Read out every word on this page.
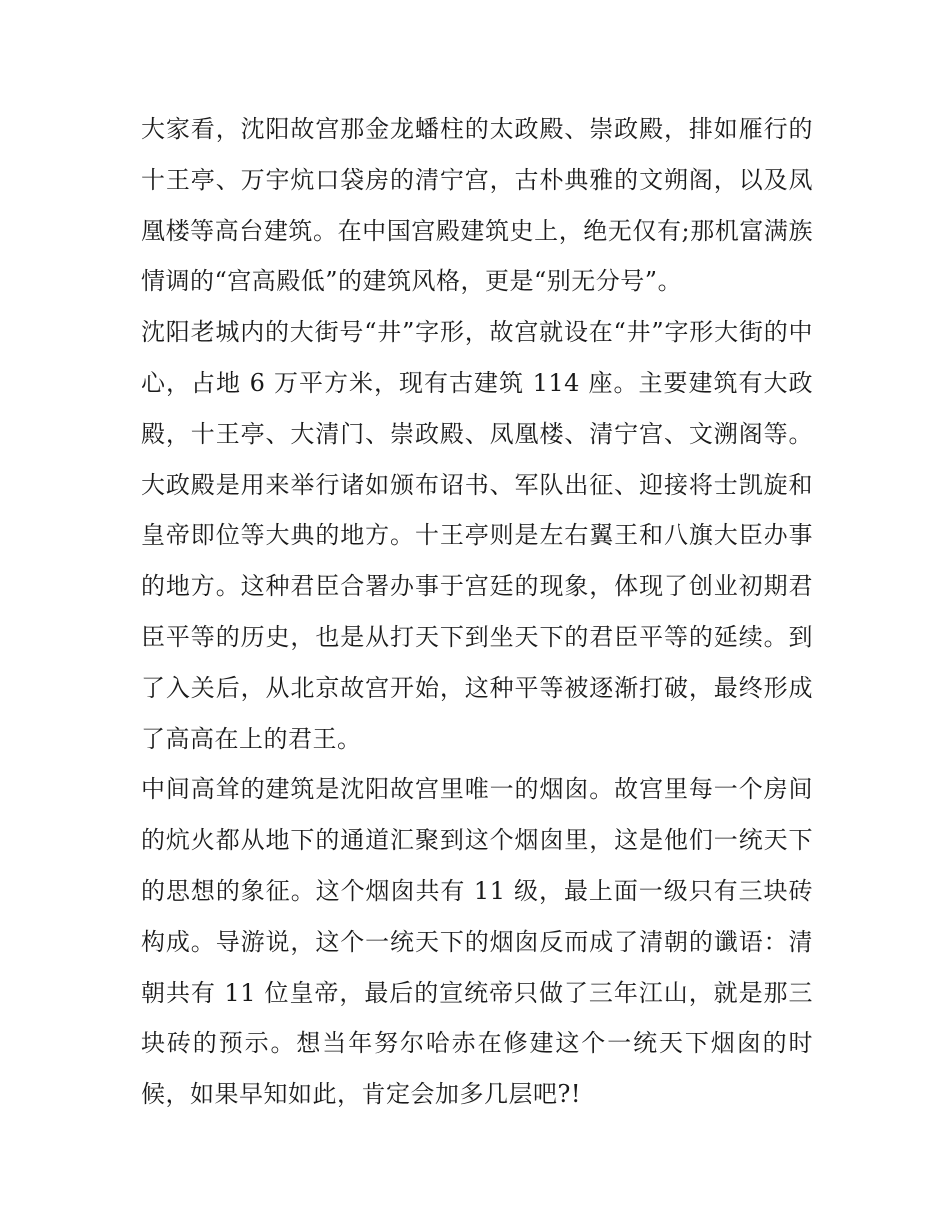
大家看，沈阳故宫那金龙蟠柱的太政殿、崇政殿，排如雁行的十王亭、万宇炕口袋房的清宁宫，古朴典雅的文朔阁，以及凤凰楼等高台建筑。在中国宫殿建筑史上，绝无仅有;那机富满族情调的“宫高殿低”的建筑风格，更是“别无分号”。

沈阳老城内的大街号“井”字形，故宫就设在“井”字形大街的中心，占地 6 万平方米，现有古建筑 114 座。主要建筑有大政殿，十王亭、大清门、崇政殿、凤凰楼、清宁宫、文溯阁等。大政殿是用来举行诸如颁布诏书、军队出征、迎接将士凯旋和皇帝即位等大典的地方。十王亭则是左右翼王和八旗大臣办事的地方。这种君臣合署办事于宫廷的现象，体现了创业初期君臣平等的历史，也是从打天下到坐天下的君臣平等的延续。到了入关后，从北京故宫开始，这种平等被逐渐打破，最终形成了高高在上的君王。

中间高耸的建筑是沈阳故宫里唯一的烟囱。故宫里每一个房间的炕火都从地下的通道汇聚到这个烟囱里，这是他们一统天下的思想的象征。这个烟囱共有 11 级，最上面一级只有三块砖构成。导游说，这个一统天下的烟囱反而成了清朝的谶语：清朝共有 11 位皇帝，最后的宣统帝只做了三年江山，就是那三块砖的预示。想当年努尔哈赤在修建这个一统天下烟囱的时候，如果早知如此，肯定会加多几层吧?!
